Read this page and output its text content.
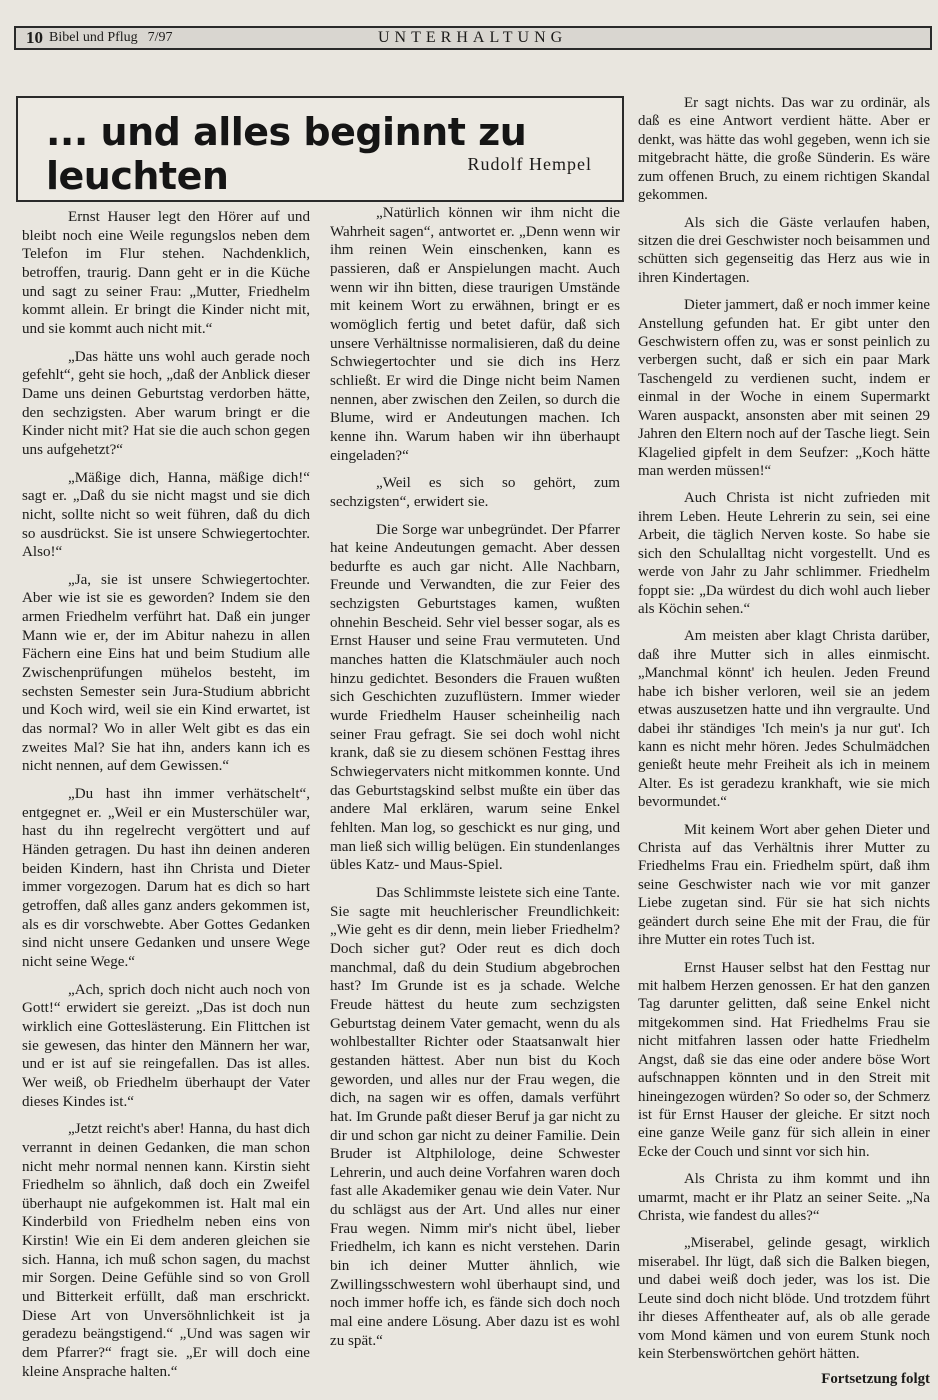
10 Bibel und Pflug 7/97	UNTERHALTUNG
... und alles beginnt zu leuchten	Rudolf Hempel

Ernst Hauser legt den Hörer auf und bleibt noch eine Weile regungslos neben dem Telefon im Flur stehen. Nachdenklich, betroffen, traurig. Dann geht er in die Küche und sagt zu seiner Frau: „Mutter, Friedhelm kommt allein. Er bringt die Kinder nicht mit, und sie kommt auch nicht mit.“

„Das hätte uns wohl auch gerade noch gefehlt“, geht sie hoch, „daß der Anblick dieser Dame uns deinen Geburtstag verdorben hätte, den sechzigsten. Aber warum bringt er die Kinder nicht mit? Hat sie die auch schon gegen uns aufgehetzt?“

„Mäßige dich, Hanna, mäßige dich!“ sagt er. „Daß du sie nicht magst und sie dich nicht, sollte nicht so weit führen, daß du dich so ausdrückst. Sie ist unsere Schwiegertochter. Also!“

„Ja, sie ist unsere Schwiegertochter. Aber wie ist sie es geworden? Indem sie den armen Friedhelm verführt hat. Daß ein junger Mann wie er, der im Abitur nahezu in allen Fächern eine Eins hat und beim Studium alle Zwischenprüfungen mühelos besteht, im sechsten Semester sein Jura-Studium abbricht und Koch wird, weil sie ein Kind erwartet, ist das normal? Wo in aller Welt gibt es das ein zweites Mal? Sie hat ihn, anders kann ich es nicht nennen, auf dem Gewissen.“

„Du hast ihn immer verhätschelt“, entgegnet er. „Weil er ein Musterschüler war, hast du ihn regelrecht vergöttert und auf Händen getragen. Du hast ihn deinen anderen beiden Kindern, hast ihn Christa und Dieter immer vorgezogen. Darum hat es dich so hart getroffen, daß alles ganz anders gekommen ist, als es dir vorschwebte. Aber Gottes Gedanken sind nicht unsere Gedanken und unsere Wege nicht seine Wege.“

„Ach, sprich doch nicht auch noch von Gott!“ erwidert sie gereizt. „Das ist doch nun wirklich eine Gotteslästerung. Ein Flittchen ist sie gewesen, das hinter den Männern her war, und er ist auf sie reingefallen. Das ist alles. Wer weiß, ob Friedhelm überhaupt der Vater dieses Kindes ist.“

„Jetzt reicht's aber! Hanna, du hast dich verrannt in deinen Gedanken, die man schon nicht mehr normal nennen kann. Kirstin sieht Friedhelm so ähnlich, daß doch ein Zweifel überhaupt nie aufgekommen ist. Halt mal ein Kinderbild von Friedhelm neben eins von Kirstin! Wie ein Ei dem anderen gleichen sie sich. Hanna, ich muß schon sagen, du machst mir Sorgen. Deine Gefühle sind so von Groll und Bitterkeit erfüllt, daß man erschrickt. Diese Art von Unversöhnlichkeit ist ja geradezu beängstigend.“ „Und was sagen wir dem Pfarrer?“ fragt sie. „Er will doch eine kleine Ansprache halten.“

„Natürlich können wir ihm nicht die Wahrheit sagen“, antwortet er. „Denn wenn wir ihm reinen Wein einschenken, kann es passieren, daß er Anspielungen macht. Auch wenn wir ihn bitten, diese traurigen Umstände mit keinem Wort zu erwähnen, bringt er es womöglich fertig und betet dafür, daß sich unsere Verhältnisse normalisieren, daß du deine Schwiegertochter und sie dich ins Herz schließt. Er wird die Dinge nicht beim Namen nennen, aber zwischen den Zeilen, so durch die Blume, wird er Andeutungen machen. Ich kenne ihn. Warum haben wir ihn überhaupt eingeladen?“

„Weil es sich so gehört, zum sechzigsten“, erwidert sie.

Die Sorge war unbegründet. Der Pfarrer hat keine Andeutungen gemacht. Aber dessen bedurfte es auch gar nicht. Alle Nachbarn, Freunde und Verwandten, die zur Feier des sechzigsten Geburtstages kamen, wußten ohnehin Bescheid. Sehr viel besser sogar, als es Ernst Hauser und seine Frau vermuteten. Und manches hatten die Klatschmäuler auch noch hinzu gedichtet. Besonders die Frauen wußten sich Geschichten zuzuflüstern. Immer wieder wurde Friedhelm Hauser scheinheilig nach seiner Frau gefragt. Sie sei doch wohl nicht krank, daß sie zu diesem schönen Festtag ihres Schwiegervaters nicht mitkommen konnte. Und das Geburtstagskind selbst mußte ein über das andere Mal erklären, warum seine Enkel fehlten. Man log, so geschickt es nur ging, und man ließ sich willig belügen. Ein stundenlanges übles Katz- und Maus-Spiel.

Das Schlimmste leistete sich eine Tante. Sie sagte mit heuchlerischer Freundlichkeit: „Wie geht es dir denn, mein lieber Friedhelm? Doch sicher gut? Oder reut es dich doch manchmal, daß du dein Studium abgebrochen hast? Im Grunde ist es ja schade. Welche Freude hättest du heute zum sechzigsten Geburtstag deinem Vater gemacht, wenn du als wohlbestallter Richter oder Staatsanwalt hier gestanden hättest. Aber nun bist du Koch geworden, und alles nur der Frau wegen, die dich, na sagen wir es offen, damals verführt hat. Im Grunde paßt dieser Beruf ja gar nicht zu dir und schon gar nicht zu deiner Familie. Dein Bruder ist Altphilologe, deine Schwester Lehrerin, und auch deine Vorfahren waren doch fast alle Akademiker genau wie dein Vater. Nur du schlägst aus der Art. Und alles nur einer Frau wegen. Nimm mir's nicht übel, lieber Friedhelm, ich kann es nicht verstehen. Darin bin ich deiner Mutter ähnlich, wie Zwillingsschwestern wohl überhaupt sind, und noch immer hoffe ich, es fände sich doch noch mal eine andere Lösung. Aber dazu ist es wohl zu spät.“

Er sagt nichts. Das war zu ordinär, als daß es eine Antwort verdient hätte. Aber er denkt, was hätte das wohl gegeben, wenn ich sie mitgebracht hätte, die große Sünderin. Es wäre zum offenen Bruch, zu einem richtigen Skandal gekommen.

Als sich die Gäste verlaufen haben, sitzen die drei Geschwister noch beisammen und schütten sich gegenseitig das Herz aus wie in ihren Kindertagen.

Dieter jammert, daß er noch immer keine Anstellung gefunden hat. Er gibt unter den Geschwistern offen zu, was er sonst peinlich zu verbergen sucht, daß er sich ein paar Mark Taschengeld zu verdienen sucht, indem er einmal in der Woche in einem Supermarkt Waren auspackt, ansonsten aber mit seinen 29 Jahren den Eltern noch auf der Tasche liegt. Sein Klagelied gipfelt in dem Seufzer: „Koch hätte man werden müssen!“

Auch Christa ist nicht zufrieden mit ihrem Leben. Heute Lehrerin zu sein, sei eine Arbeit, die täglich Nerven koste. So habe sie sich den Schulalltag nicht vorgestellt. Und es werde von Jahr zu Jahr schlimmer. Friedhelm foppt sie: „Da würdest du dich wohl auch lieber als Köchin sehen.“

Am meisten aber klagt Christa darüber, daß ihre Mutter sich in alles einmischt. „Manchmal könnt' ich heulen. Jeden Freund habe ich bisher verloren, weil sie an jedem etwas auszusetzen hatte und ihn vergraulte. Und dabei ihr ständiges 'Ich mein's ja nur gut'. Ich kann es nicht mehr hören. Jedes Schulmädchen genießt heute mehr Freiheit als ich in meinem Alter. Es ist geradezu krankhaft, wie sie mich bevormundet.“

Mit keinem Wort aber gehen Dieter und Christa auf das Verhältnis ihrer Mutter zu Friedhelms Frau ein. Friedhelm spürt, daß ihm seine Geschwister nach wie vor mit ganzer Liebe zugetan sind. Für sie hat sich nichts geändert durch seine Ehe mit der Frau, die für ihre Mutter ein rotes Tuch ist.

Ernst Hauser selbst hat den Festtag nur mit halbem Herzen genossen. Er hat den ganzen Tag darunter gelitten, daß seine Enkel nicht mitgekommen sind. Hat Friedhelms Frau sie nicht mitfahren lassen oder hatte Friedhelm Angst, daß sie das eine oder andere böse Wort aufschnappen könnten und in den Streit mit hineingezogen würden? So oder so, der Schmerz ist für Ernst Hauser der gleiche. Er sitzt noch eine ganze Weile ganz für sich allein in einer Ecke der Couch und sinnt vor sich hin.

Als Christa zu ihm kommt und ihn umarmt, macht er ihr Platz an seiner Seite. „Na Christa, wie fandest du alles?“

„Miserabel, gelinde gesagt, wirklich miserabel. Ihr lügt, daß sich die Balken biegen, und dabei weiß doch jeder, was los ist. Die Leute sind doch nicht blöde. Und trotzdem führt ihr dieses Affentheater auf, als ob alle gerade vom Mond kämen und von eurem Stunk noch kein Sterbenswörtchen gehört hätten.

Fortsetzung folgt
